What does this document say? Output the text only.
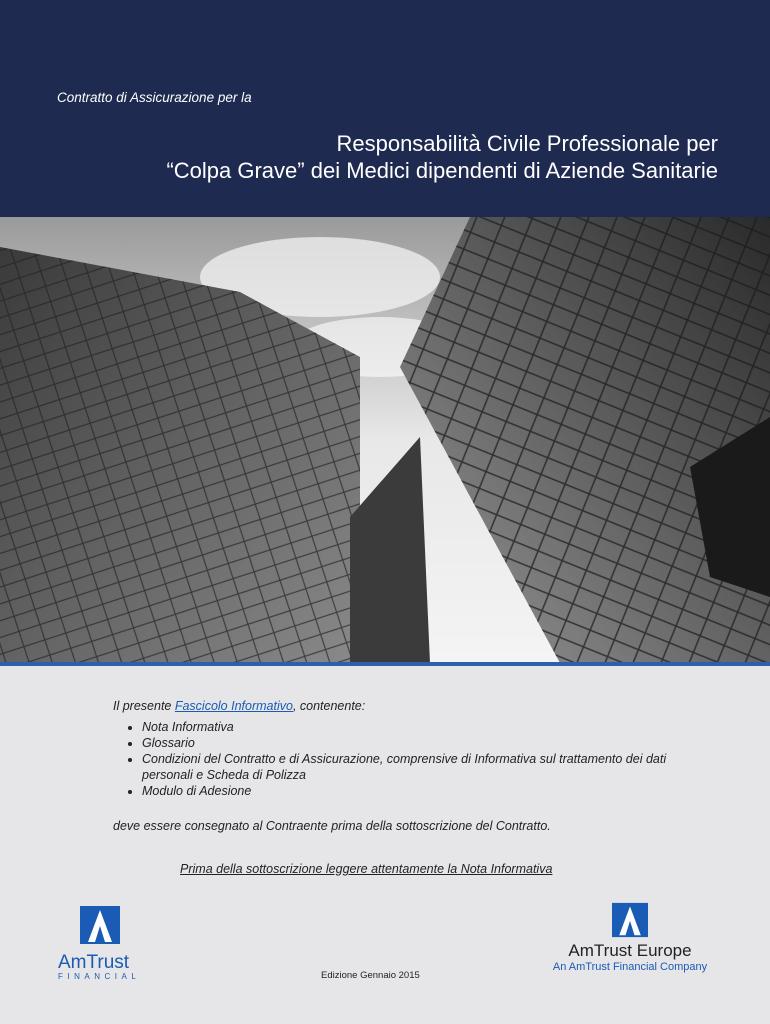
Contratto di Assicurazione per la
Responsabilità Civile Professionale per
“Colpa Grave” dei Medici dipendenti di Aziende Sanitarie

Il presente Fascicolo Informativo, contenente:

• Nota Informativa
• Glossario
• Condizioni del Contratto e di Assicurazione, comprensive di Informativa sul trattamento dei dati personali e Scheda di Polizza
• Modulo di Adesione

deve essere consegnato al Contraente prima della sottoscrizione del Contratto.

Prima della sottoscrizione leggere attentamente la Nota Informativa
AmTrust
FINANCIAL	Edizione Gennaio 2015
AmTrust Europe
An AmTrust Financial Company
